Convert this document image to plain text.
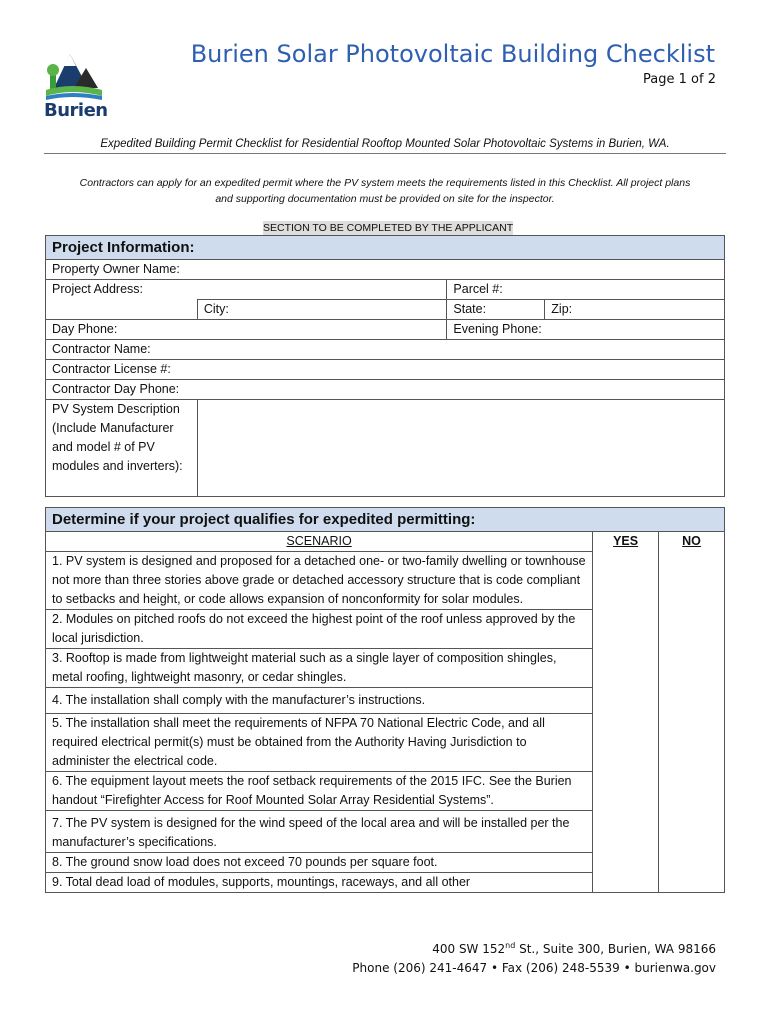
Burien
Burien Solar Photovoltaic Building Checklist
Page 1 of 2
Expedited Building Permit Checklist for Residential Rooftop Mounted Solar Photovoltaic Systems in Burien, WA.
Contractors can apply for an expedited permit where the PV system meets the requirements listed in this Checklist. All project plans
and supporting documentation must be provided on site for the inspector.
SECTION TO BE COMPLETED BY THE APPLICANT
Project Information:			
Property Owner Name:			
Project Address:		Parcel #:	
	City:	State:	Zip:
Day Phone:		Evening Phone:	
Contractor Name:			
Contractor License #:			
Contractor Day Phone:			
PV System Description (Include Manufacturer and model # of PV modules and inverters):			
Determine if your project qualifies for expedited permitting:
SCENARIO	YES	NO
1. PV system is designed and proposed for a detached one- or two-family dwelling or townhouse not more than three stories above grade or detached accessory structure that is code compliant to setbacks and height, or code allows expansion of nonconformity for solar modules.
2. Modules on pitched roofs do not exceed the highest point of the roof unless approved by the local jurisdiction.
3. Rooftop is made from lightweight material such as a single layer of composition shingles, metal roofing, lightweight masonry, or cedar shingles.
4. The installation shall comply with the manufacturer’s instructions.
5. The installation shall meet the requirements of NFPA 70 National Electric Code, and all required electrical permit(s) must be obtained from the Authority Having Jurisdiction to administer the electrical code.
6. The equipment layout meets the roof setback requirements of the 2015 IFC. See the Burien handout “Firefighter Access for Roof Mounted Solar Array Residential Systems”.
7. The PV system is designed for the wind speed of the local area and will be installed per the manufacturer’s specifications.
8. The ground snow load does not exceed 70 pounds per square foot.
9. Total dead load of modules, supports, mountings, raceways, and all other
400 SW 152nd St., Suite 300, Burien, WA 98166
Phone (206) 241-4647 • Fax (206) 248-5539 • burienwa.gov
